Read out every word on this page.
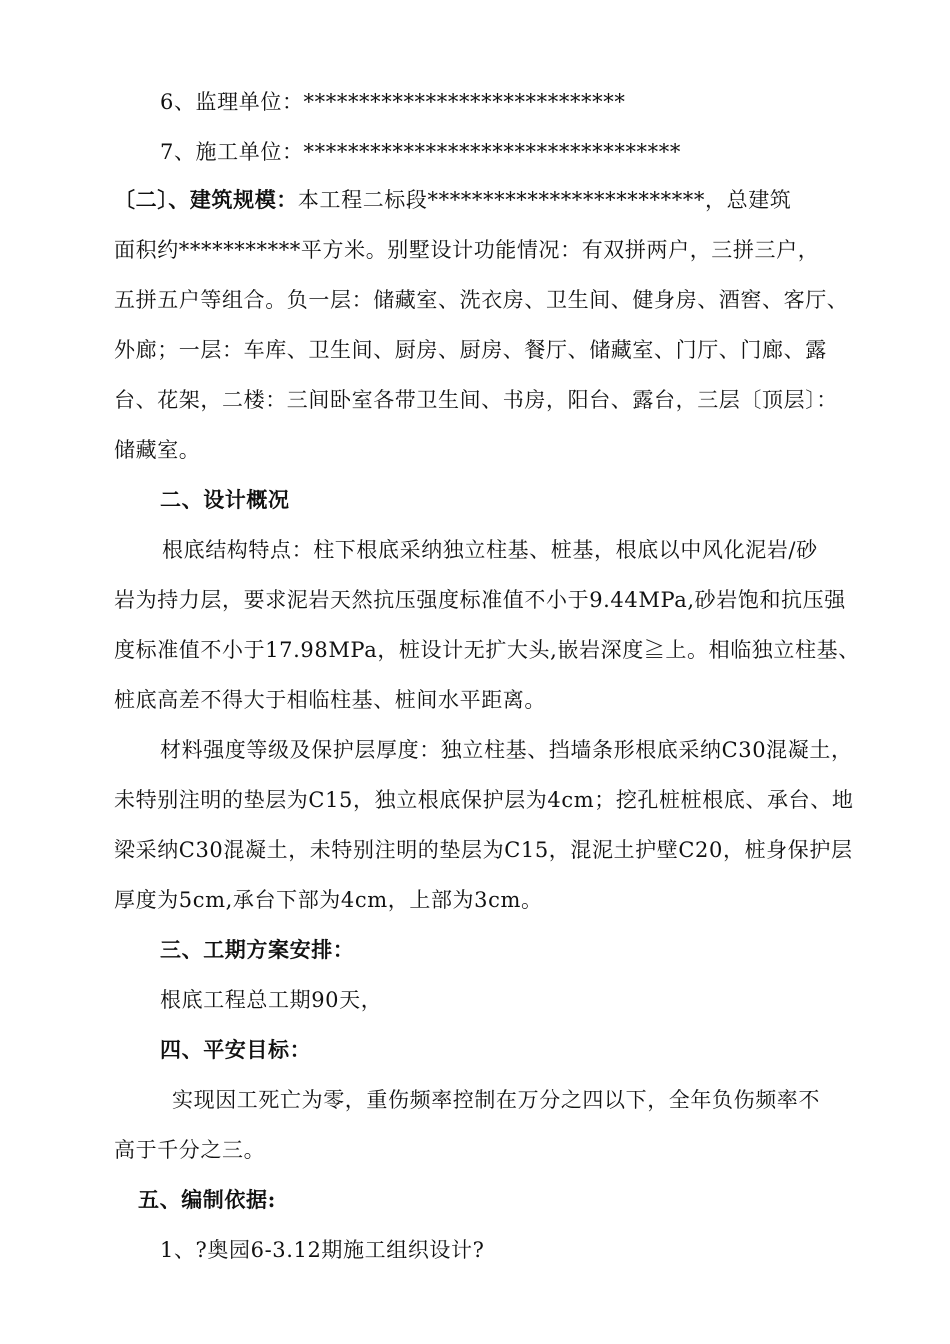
6、监理单位：*****************************
7、施工单位：**********************************
〔二〕、建筑规模：本工程二标段*************************，总建筑
面积约***********平方米。别墅设计功能情况：有双拼两户，三拼三户，
五拼五户等组合。负一层：储藏室、洗衣房、卫生间、健身房、酒窖、客厅、
外廊；一层：车库、卫生间、厨房、厨房、餐厅、储藏室、门厅、门廊、露
台、花架，二楼：三间卧室各带卫生间、书房，阳台、露台，三层〔顶层〕：
储藏室。
二、设计概况
根底结构特点：柱下根底采纳独立柱基、桩基，根底以中风化泥岩/砂
岩为持力层，要求泥岩天然抗压强度标准值不小于9.44MPa,砂岩饱和抗压强
度标准值不小于17.98MPa，桩设计无扩大头,嵌岩深度≧上。相临独立柱基、
桩底高差不得大于相临柱基、桩间水平距离。
材料强度等级及保护层厚度：独立柱基、挡墙条形根底采纳C30混凝土，
未特别注明的垫层为C15，独立根底保护层为4cm；挖孔桩桩根底、承台、地
梁采纳C30混凝土，未特别注明的垫层为C15，混泥土护壁C20，桩身保护层
厚度为5cm,承台下部为4cm，上部为3cm。
三、工期方案安排：
根底工程总工期90天，
四、平安目标：
实现因工死亡为零，重伤频率控制在万分之四以下，全年负伤频率不
高于千分之三。
五、编制依据:
1、?奥园6-3.12期施工组织设计?
